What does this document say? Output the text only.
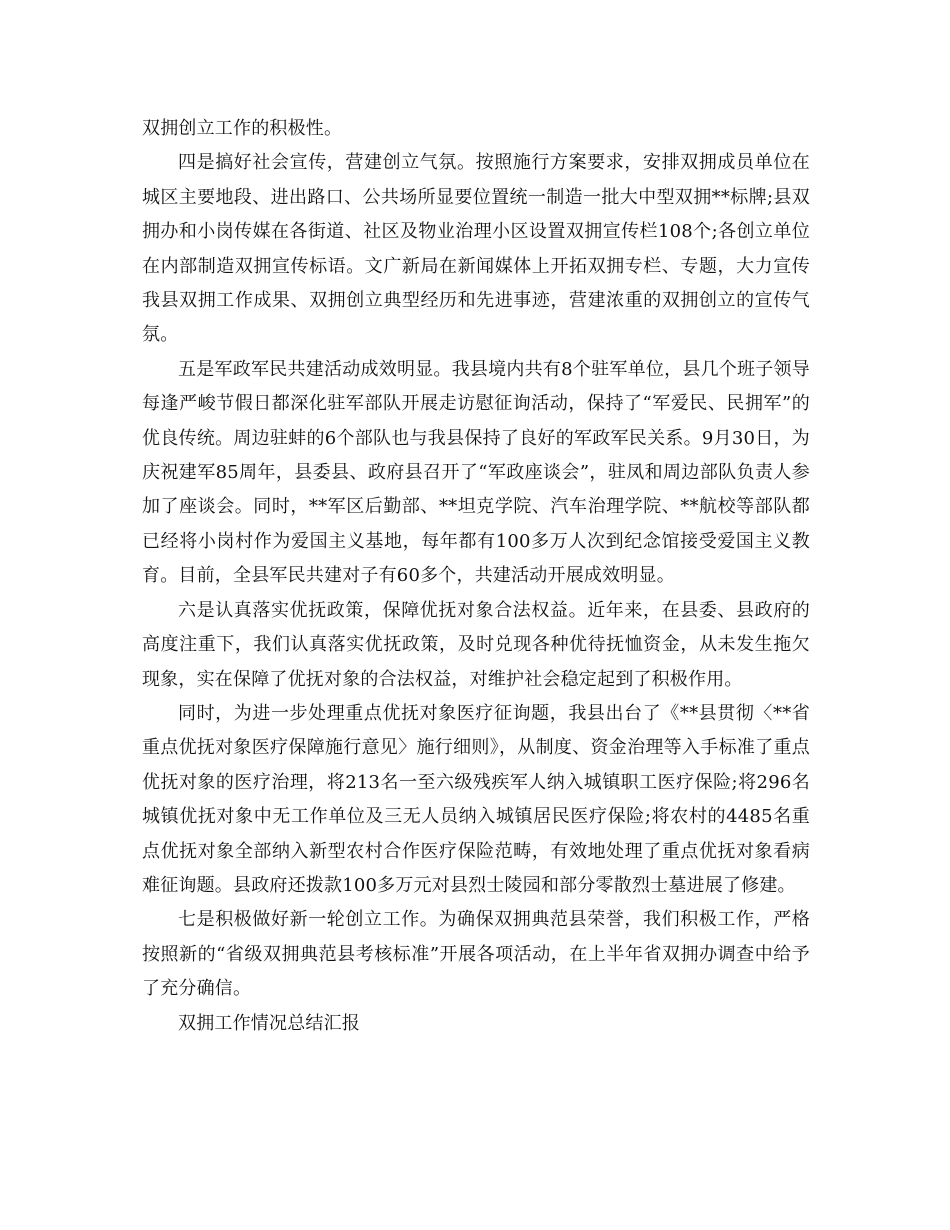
双拥创立工作的积极性。

四是搞好社会宣传，营建创立气氛。按照施行方案要求，安排双拥成员单位在城区主要地段、进出路口、公共场所显要位置统一制造一批大中型双拥**标牌;县双拥办和小岗传媒在各街道、社区及物业治理小区设置双拥宣传栏108个;各创立单位在内部制造双拥宣传标语。文广新局在新闻媒体上开拓双拥专栏、专题，大力宣传我县双拥工作成果、双拥创立典型经历和先进事迹，营建浓重的双拥创立的宣传气氛。

五是军政军民共建活动成效明显。我县境内共有8个驻军单位，县几个班子领导每逢严峻节假日都深化驻军部队开展走访慰征询活动，保持了“军爱民、民拥军”的优良传统。周边驻蚌的6个部队也与我县保持了良好的军政军民关系。9月30日，为庆祝建军85周年，县委县、政府县召开了“军政座谈会”，驻凤和周边部队负责人参加了座谈会。同时，**军区后勤部、**坦克学院、汽车治理学院、**航校等部队都已经将小岗村作为爱国主义基地，每年都有100多万人次到纪念馆接受爱国主义教育。目前，全县军民共建对子有60多个，共建活动开展成效明显。

六是认真落实优抚政策，保障优抚对象合法权益。近年来，在县委、县政府的高度注重下，我们认真落实优抚政策，及时兑现各种优待抚恤资金，从未发生拖欠现象，实在保障了优抚对象的合法权益，对维护社会稳定起到了积极作用。

同时，为进一步处理重点优抚对象医疗征询题，我县出台了《**县贯彻〈**省重点优抚对象医疗保障施行意见〉施行细则》，从制度、资金治理等入手标准了重点优抚对象的医疗治理，将213名一至六级残疾军人纳入城镇职工医疗保险;将296名城镇优抚对象中无工作单位及三无人员纳入城镇居民医疗保险;将农村的4485名重点优抚对象全部纳入新型农村合作医疗保险范畴，有效地处理了重点优抚对象看病难征询题。县政府还拨款100多万元对县烈士陵园和部分零散烈士墓进展了修建。

七是积极做好新一轮创立工作。为确保双拥典范县荣誉，我们积极工作，严格按照新的“省级双拥典范县考核标准”开展各项活动，在上半年省双拥办调查中给予了充分确信。

双拥工作情况总结汇报
